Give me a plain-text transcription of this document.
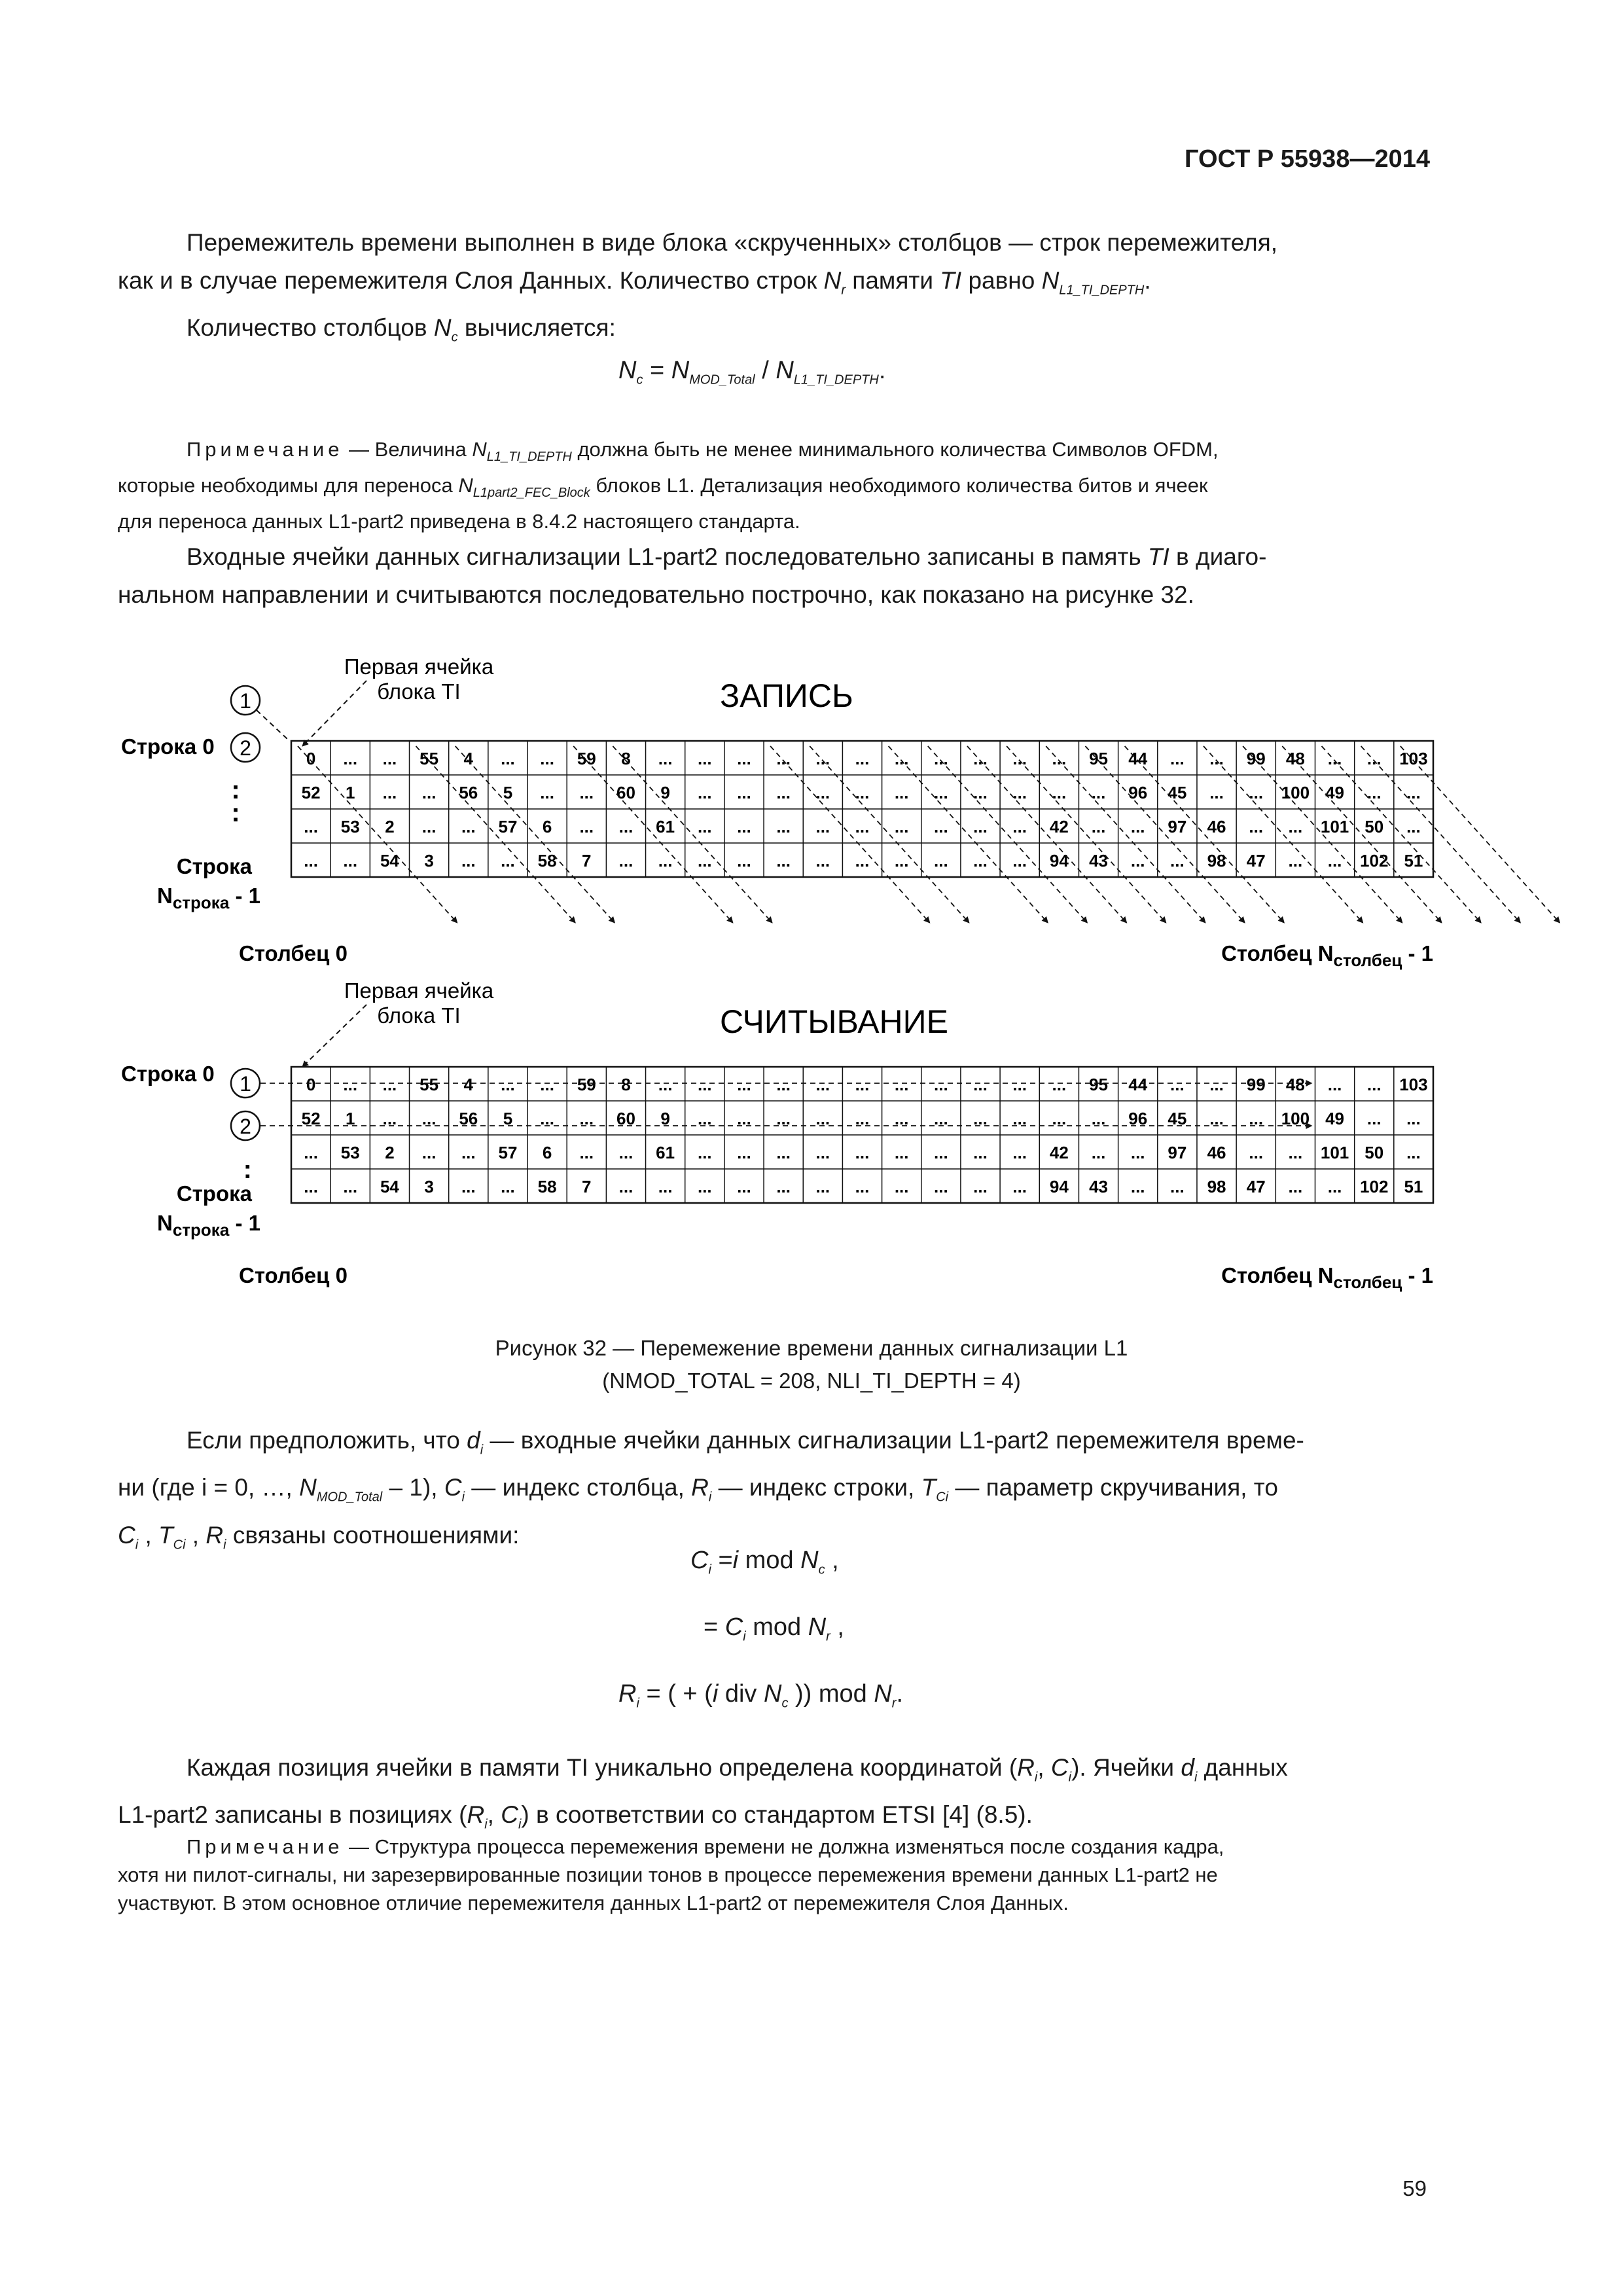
ГОСТ Р 55938—2014
Перемежитель времени выполнен в виде блока «скрученных» столбцов — строк перемежителя,
как и в случае перемежителя Слоя Данных. Количество строк $N_r$ памяти TI равно $N_{L1\_TI\_DEPTH}$.
Количество столбцов $N_c$ вычисляется:
$N_c = N_{MOD\_Total} / N_{L1\_TI\_DEPTH}$.
Примечание — Величина $N_{L1\_TI\_DEPTH}$ должна быть не менее минимального количества Символов OFDM,
которые необходимы для переноса $N_{L1part2\_FEC\_Block}$ блоков L1. Детализация необходимого количества битов и ячеек
для переноса данных L1-part2 приведена в 8.4.2 настоящего стандарта.
Входные ячейки данных сигнализации L1-part2 последовательно записаны в память TI в диаго-
нальном направлении и считываются последовательно построчно, как показано на рисунке 32.
Первая ячейка
блока TI	ЗАПИСЬ
1
2
Строка 0
:
:
Строка
$N_{строка} - 1$
0 ... ... 55 4 ... ... 59 8 ... ... ... ... ... ... ... ... ... ... ... 95 44 ... ... 99 48 ... ... 103
52 1 ... ... 56 5 ... ... 60 9 ... ... ... ... ... ... ... ... ... ... ... 96 45 ... ... 100 49 ... ...
... 53 2 ... ... 57 6 ... ... 61 ... ... ... ... ... ... ... ... ... 42 ... ... 97 46 ... ... 101 50 ...
... ... 54 3 ... ... 58 7 ... ... ... ... ... ... ... ... ... ... ... 94 43 ... ... 98 47 ... ... 102 51
Столбец 0	Столбец $N_{столбец} - 1$
Первая ячейка
блока TI	СЧИТЫВАНИЕ
Строка 0 1
2
:
Строка
$N_{строка} - 1$
0 ... ... 55 4 ... ... 59 8 ... ... ... ... ... ... ... ... ... ... ... 95 44 ... ... 99 48 ... ... 103
52 1 ... ... 56 5 ... ... 60 9 ... ... ... ... ... ... ... ... ... ... ... 96 45 ... ... 100 49 ... ...
... 53 2 ... ... 57 6 ... ... 61 ... ... ... ... ... ... ... ... ... 42 ... ... 97 46 ... ... 101 50 ...
... ... 54 3 ... ... 58 7 ... ... ... ... ... ... ... ... ... ... ... 94 43 ... ... 98 47 ... ... 102 51
Столбец 0	Столбец $N_{столбец} - 1$
Рисунок 32 — Перемежение времени данных сигнализации L1
(NMOD_TOTAL = 208, NLI_TI_DEPTH = 4)
Если предположить, что $d_i$ — входные ячейки данных сигнализации L1-part2 перемежителя време-
ни (где i = 0, …, $N_{MOD\_Total} - 1$), $C_i$ — индекс столбца, $R_i$ — индекс строки, $T_{Ci}$ — параметр скручивания, то
$C_i$ , $T_{Ci}$ , $R_i$ связаны соотношениями:
$C_i =i$ mod $N_c$ ,
= $C_i$ mod $N_r$ ,
$R_i$ = ( + (i div $N_c$ )) mod $N_r$.
Каждая позиция ячейки в памяти TI уникально определена координатой ($R_i$, $C_i$). Ячейки $d_i$ данных
L1-part2 записаны в позициях ($R_i$, $C_i$) в соответствии со стандартом ETSI [4] (8.5).
Примечание — Структура процесса перемежения времени не должна изменяться после создания кадра,
хотя ни пилот-сигналы, ни зарезервированные позиции тонов в процессе перемежения времени данных L1-part2 не
участвуют. В этом основное отличие перемежителя данных L1-part2 от перемежителя Слоя Данных.
59
